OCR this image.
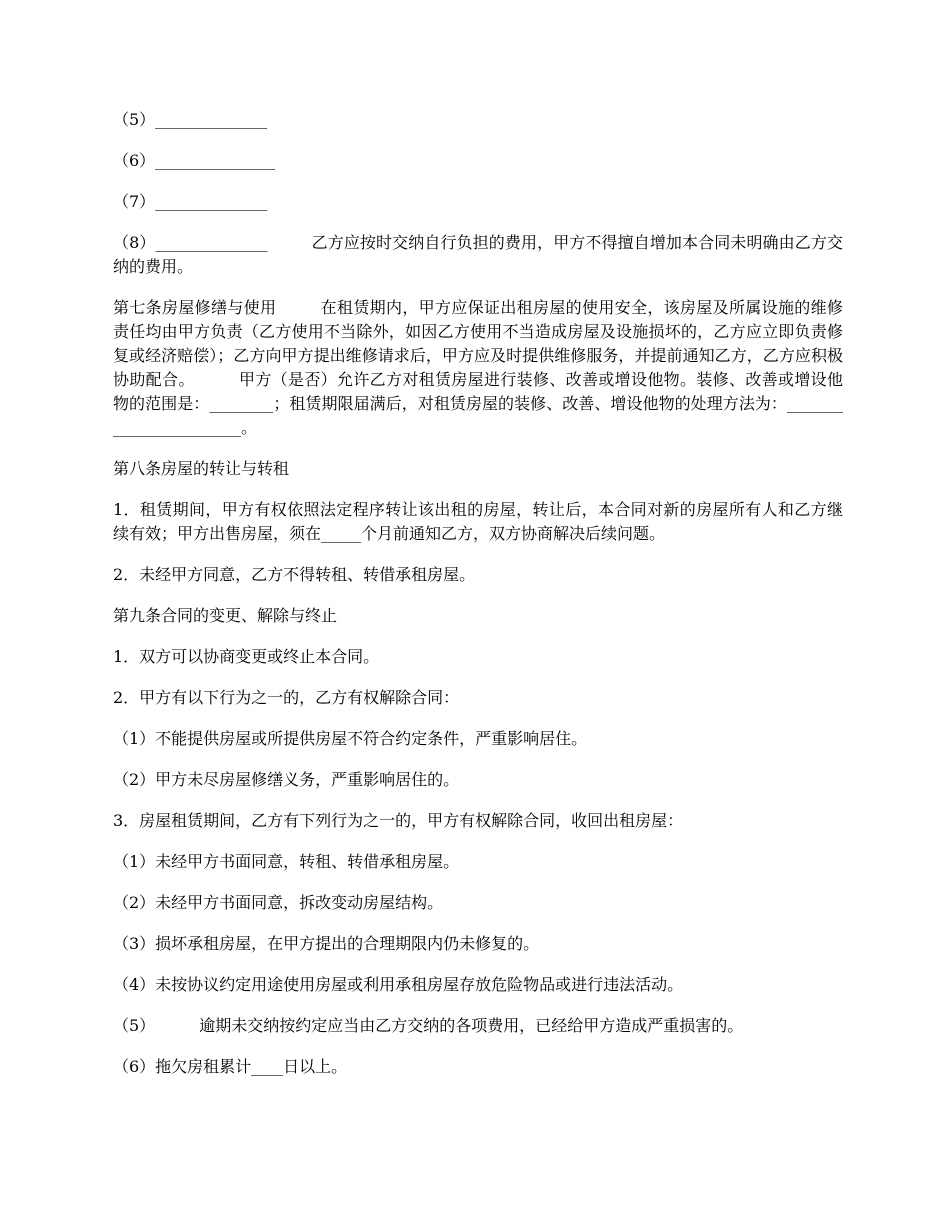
（5）______________

（6）_______________

（7）______________

（8）______________	乙方应按时交纳自行负担的费用，甲方不得擅自增加本合同未明确由乙方交纳的费用。

第七条房屋修缮与使用	在租赁期内，甲方应保证出租房屋的使用安全，该房屋及所属设施的维修责任均由甲方负责（乙方使用不当除外，如因乙方使用不当造成房屋及设施损坏的，乙方应立即负责修复或经济赔偿）；乙方向甲方提出维修请求后，甲方应及时提供维修服务，并提前通知乙方，乙方应积极协助配合。	甲方（是否）允许乙方对租赁房屋进行装修、改善或增设他物。装修、改善或增设他物的范围是：________；租赁期限届满后，对租赁房屋的装修、改善、增设他物的处理方法为：_______________________。

第八条房屋的转让与转租

1．租赁期间，甲方有权依照法定程序转让该出租的房屋，转让后，本合同对新的房屋所有人和乙方继续有效；甲方出售房屋，须在_____个月前通知乙方，双方协商解决后续问题。

2．未经甲方同意，乙方不得转租、转借承租房屋。

第九条合同的变更、解除与终止

1．双方可以协商变更或终止本合同。

2．甲方有以下行为之一的，乙方有权解除合同：

（1）不能提供房屋或所提供房屋不符合约定条件，严重影响居住。

（2）甲方未尽房屋修缮义务，严重影响居住的。

3．房屋租赁期间，乙方有下列行为之一的，甲方有权解除合同，收回出租房屋：

（1）未经甲方书面同意，转租、转借承租房屋。

（2）未经甲方书面同意，拆改变动房屋结构。

（3）损坏承租房屋，在甲方提出的合理期限内仍未修复的。

（4）未按协议约定用途使用房屋或利用承租房屋存放危险物品或进行违法活动。

（5）	逾期未交纳按约定应当由乙方交纳的各项费用，已经给甲方造成严重损害的。

（6）拖欠房租累计____日以上。
